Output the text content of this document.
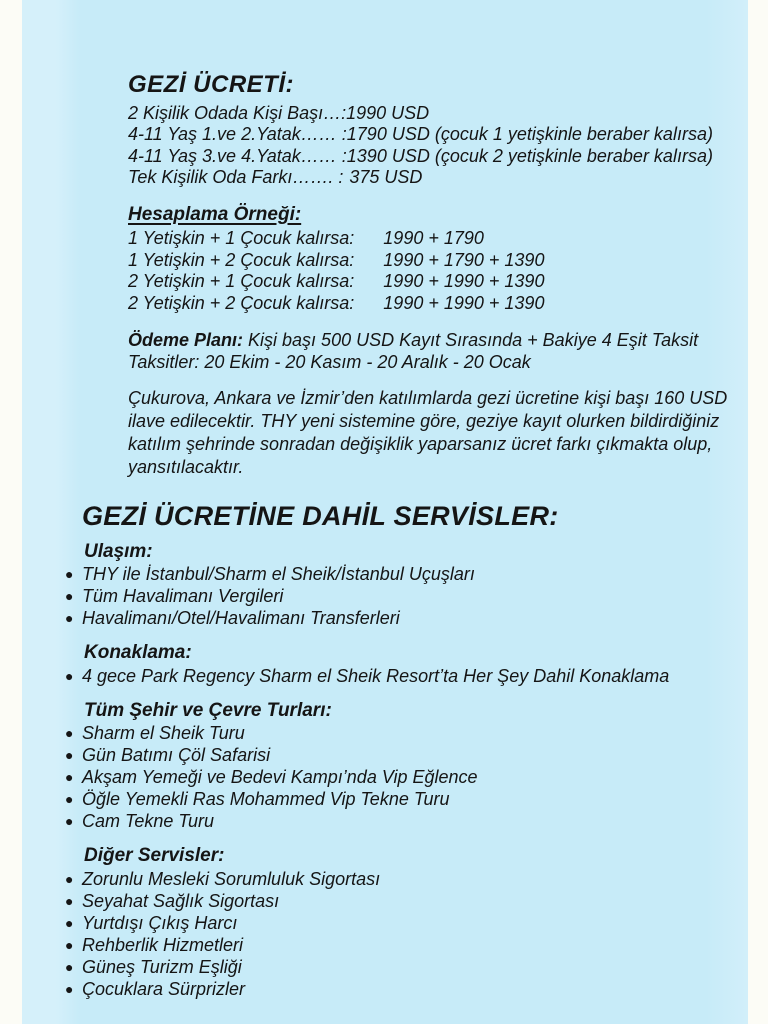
GEZİ ÜCRETİ:
2 Kişilik Odada Kişi Başı…:1990 USD
4-11 Yaş 1.ve 2.Yatak…… :1790 USD (çocuk 1 yetişkinle beraber kalırsa)
4-11 Yaş 3.ve 4.Yatak…… :1390 USD (çocuk 2 yetişkinle beraber kalırsa)
Tek Kişilik Oda Farkı……. : 375 USD
Hesaplama Örneği:
1 Yetişkin + 1 Çocuk kalırsa: 1990 + 1790
1 Yetişkin + 2 Çocuk kalırsa: 1990 + 1790 + 1390
2 Yetişkin + 1 Çocuk kalırsa: 1990 + 1990 + 1390
2 Yetişkin + 2 Çocuk kalırsa: 1990 + 1990 + 1390
Ödeme Planı: Kişi başı 500 USD Kayıt Sırasında + Bakiye 4 Eşit Taksit
Taksitler: 20 Ekim - 20 Kasım - 20 Aralık - 20 Ocak
Çukurova, Ankara ve İzmir’den katılımlarda gezi ücretine kişi başı 160 USD
ilave edilecektir. THY yeni sistemine göre, geziye kayıt olurken bildirdiğiniz
katılım şehrinde sonradan değişiklik yaparsanız ücret farkı çıkmakta olup,
yansıtılacaktır.
GEZİ ÜCRETİNE DAHİL SERVİSLER:
Ulaşım:
●
THY ile İstanbul/Sharm el Sheik/İstanbul Uçuşları
●
Tüm Havalimanı Vergileri
●
Havalimanı/Otel/Havalimanı Transferleri
Konaklama:
●
4 gece Park Regency Sharm el Sheik Resort’ta Her Şey Dahil Konaklama
Tüm Şehir ve Çevre Turları:
●
Sharm el Sheik Turu
●
Gün Batımı Çöl Safarisi
●
Akşam Yemeği ve Bedevi Kampı’nda Vip Eğlence
●
Öğle Yemekli Ras Mohammed Vip Tekne Turu
●
Cam Tekne Turu
Diğer Servisler:
●
Zorunlu Mesleki Sorumluluk Sigortası
●
Seyahat Sağlık Sigortası
●
Yurtdışı Çıkış Harcı
●
Rehberlik Hizmetleri
●
Güneş Turizm Eşliği
●
Çocuklara Sürprizler
